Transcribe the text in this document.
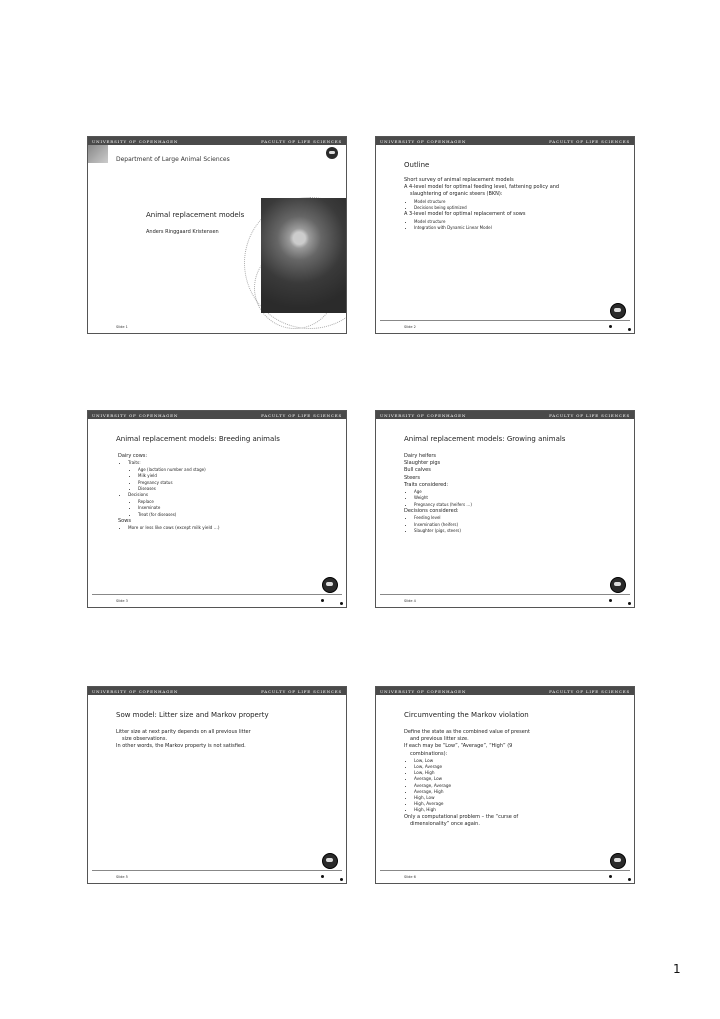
UNIVERSITY OF COPENHAGEN	FACULTY OF LIFE SCIENCES
Department of Large Animal Sciences
Animal replacement models
Anders Ringgaard Kristensen
Slide 1
UNIVERSITY OF COPENHAGEN	FACULTY OF LIFE SCIENCES
Outline

Short survey of animal replacement models

A 4-level model for optimal feeding level, fattening policy and

slaughtering of organic steers (BKN):

• Model structure
• Decisions being optimized

A 3-level model for optimal replacement of sows

• Model structure
• Integration with Dynamic Linear Model
Slide 2
UNIVERSITY OF COPENHAGEN	FACULTY OF LIFE SCIENCES
Animal replacement models: Breeding animals

Dairy cows:

• Traits:
• Age (lactation number and stage)
• Milk yield
• Pregnancy status
• Diseases
• Decisions
• Replace
• Inseminate
• Treat (for diseases)

Sows

• More or less like cows (except milk yield …)
Slide 3
UNIVERSITY OF COPENHAGEN	FACULTY OF LIFE SCIENCES
Animal replacement models: Growing animals

Dairy heifers

Slaughter pigs

Bull calves

Steers

Traits considered:

• Age
• Weight
• Pregnancy status (heifers …)

Decisions considered:

• Feeding level
• Insemination (heifers)
• Slaughter (pigs, steers)
Slide 4
UNIVERSITY OF COPENHAGEN	FACULTY OF LIFE SCIENCES
Sow model: Litter size and Markov property

Litter size at next parity depends on all previous litter

size observations.

In other words, the Markov property is not satisfied.

Slide 5
UNIVERSITY OF COPENHAGEN	FACULTY OF LIFE SCIENCES
Circumventing the Markov violation

Define the state as the combined value of present

and previous litter size.

If each may be “Low”, “Average”, “High” (9

combinations):

• Low, Low
• Low, Average
• Low, High
• Average, Low
• Average, Average
• Average, High
• High, Low
• High, Average
• High, High

Only a computational problem – the “curse of

dimensionality” once again.

Slide 6
1
